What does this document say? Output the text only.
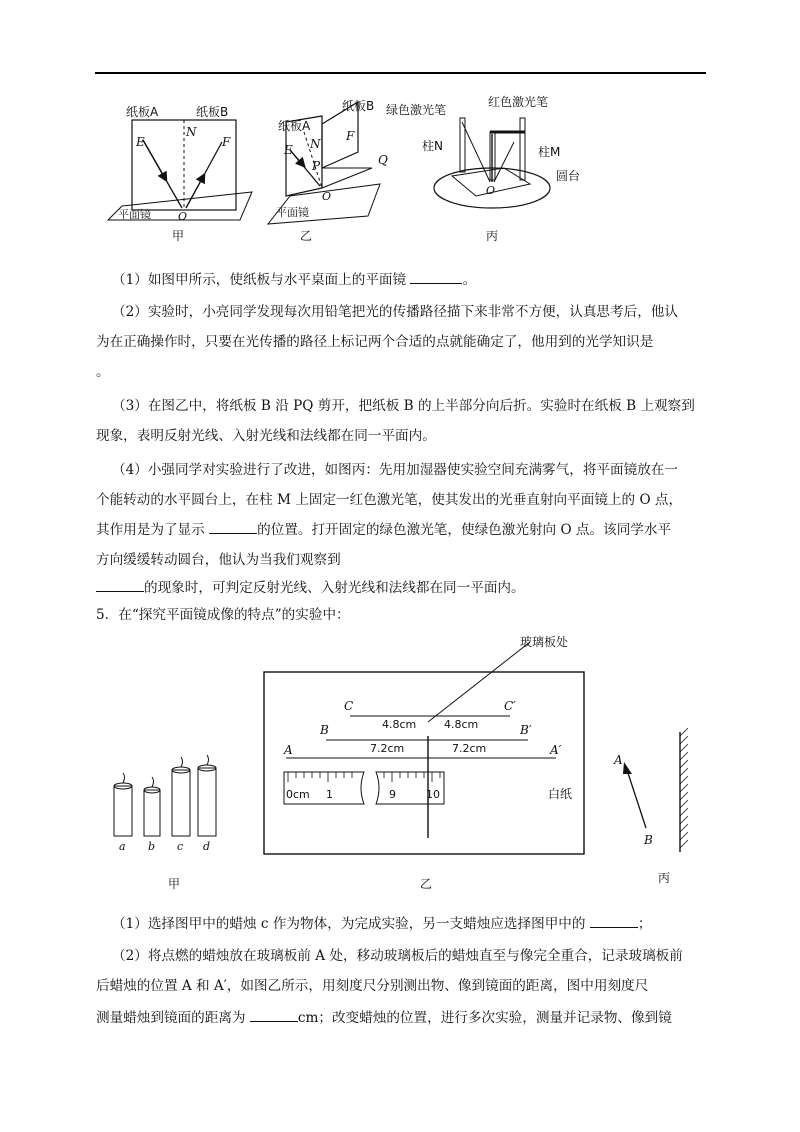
纸板A	纸板B
E
N
F
O
平面镜
甲
纸板B
纸板A
N
F
E
P	Q
O
平面镜
乙
绿色激光笔
红色激光笔
柱N	柱M
O
圆台
丙

（1）如图甲所示，使纸板与水平桌面上的平面镜	。

（2）实验时，小亮同学发现每次用铅笔把光的传播路径描下来非常不方便，认真思考后，他认

为在正确操作时，只要在光传播的路径上标记两个合适的点就能确定了，他用到的光学知识是

。

（3）在图乙中，将纸板 B 沿 PQ 剪开，把纸板 B 的上半部分向后折。实验时在纸板 B 上观察到

现象，表明反射光线、入射光线和法线都在同一平面内。

（4）小强同学对实验进行了改进，如图丙：先用加湿器使实验空间充满雾气，将平面镜放在一

个能转动的水平圆台上，在柱 M 上固定一红色激光笔，使其发出的光垂直射向平面镜上的 O 点，

其作用是为了显示	的位置。打开固定的绿色激光笔，使绿色激光射向 O 点。该同学水平

方向缓缓转动圆台，他认为当我们观察到

的现象时，可判定反射光线、入射光线和法线都在同一平面内。

5．在“探究平面镜成像的特点”的实验中：

a b c d
甲
玻璃板处
C	C′
4.8cm	4.8cm
B	B′
7.2cm	7.2cm
A	A′
0cm 1	9	10	白纸
乙
A
B
丙

（1）选择图甲中的蜡烛 c 作为物体，为完成实验，另一支蜡烛应选择图甲中的	；

（2）将点燃的蜡烛放在玻璃板前 A 处，移动玻璃板后的蜡烛直至与像完全重合，记录玻璃板前

后蜡烛的位置 A 和 A′，如图乙所示，用刻度尺分别测出物、像到镜面的距离，图中用刻度尺

测量蜡烛到镜面的距离为	cm；改变蜡烛的位置，进行多次实验，测量并记录物、像到镜
